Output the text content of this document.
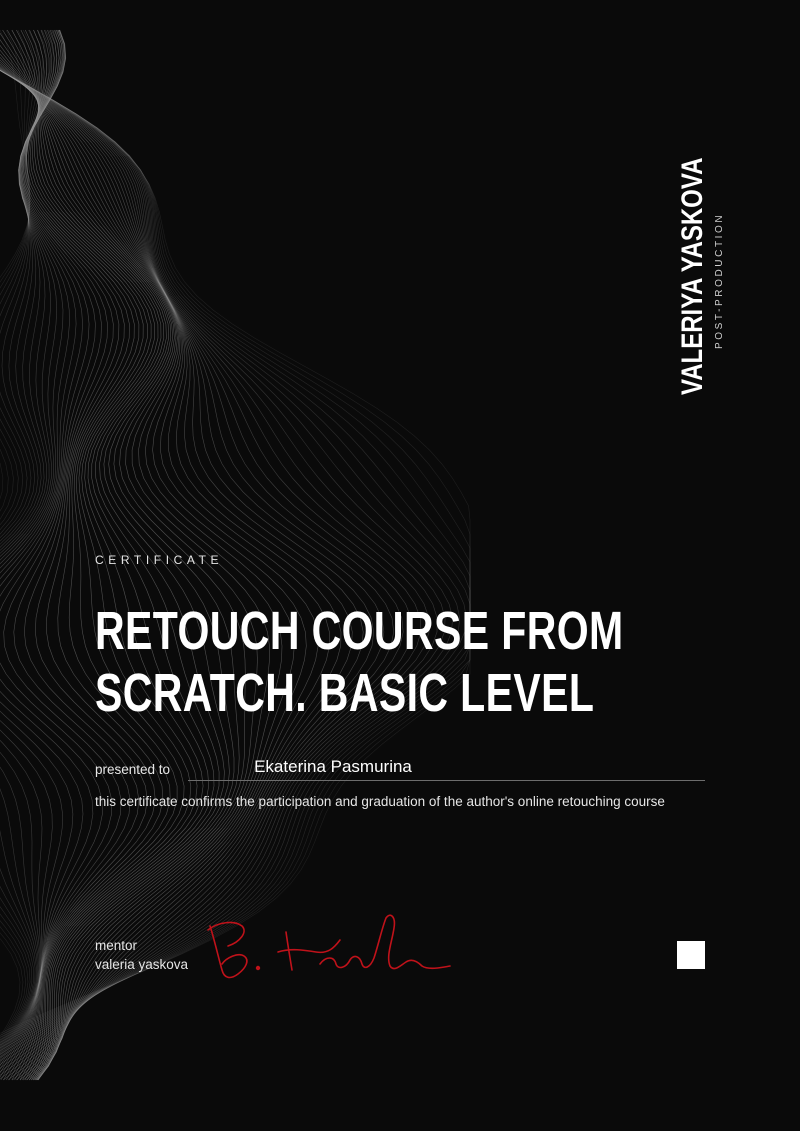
VALERIYA YASKOVA POST-PRODUCTION
CERTIFICATE
RETOUCH COURSE FROM
SCRATCH. BASIC LEVEL
presented to	Ekaterina Pasmurina
this certificate confirms the participation and graduation of the author's online retouching course
mentor
valeria yaskova
